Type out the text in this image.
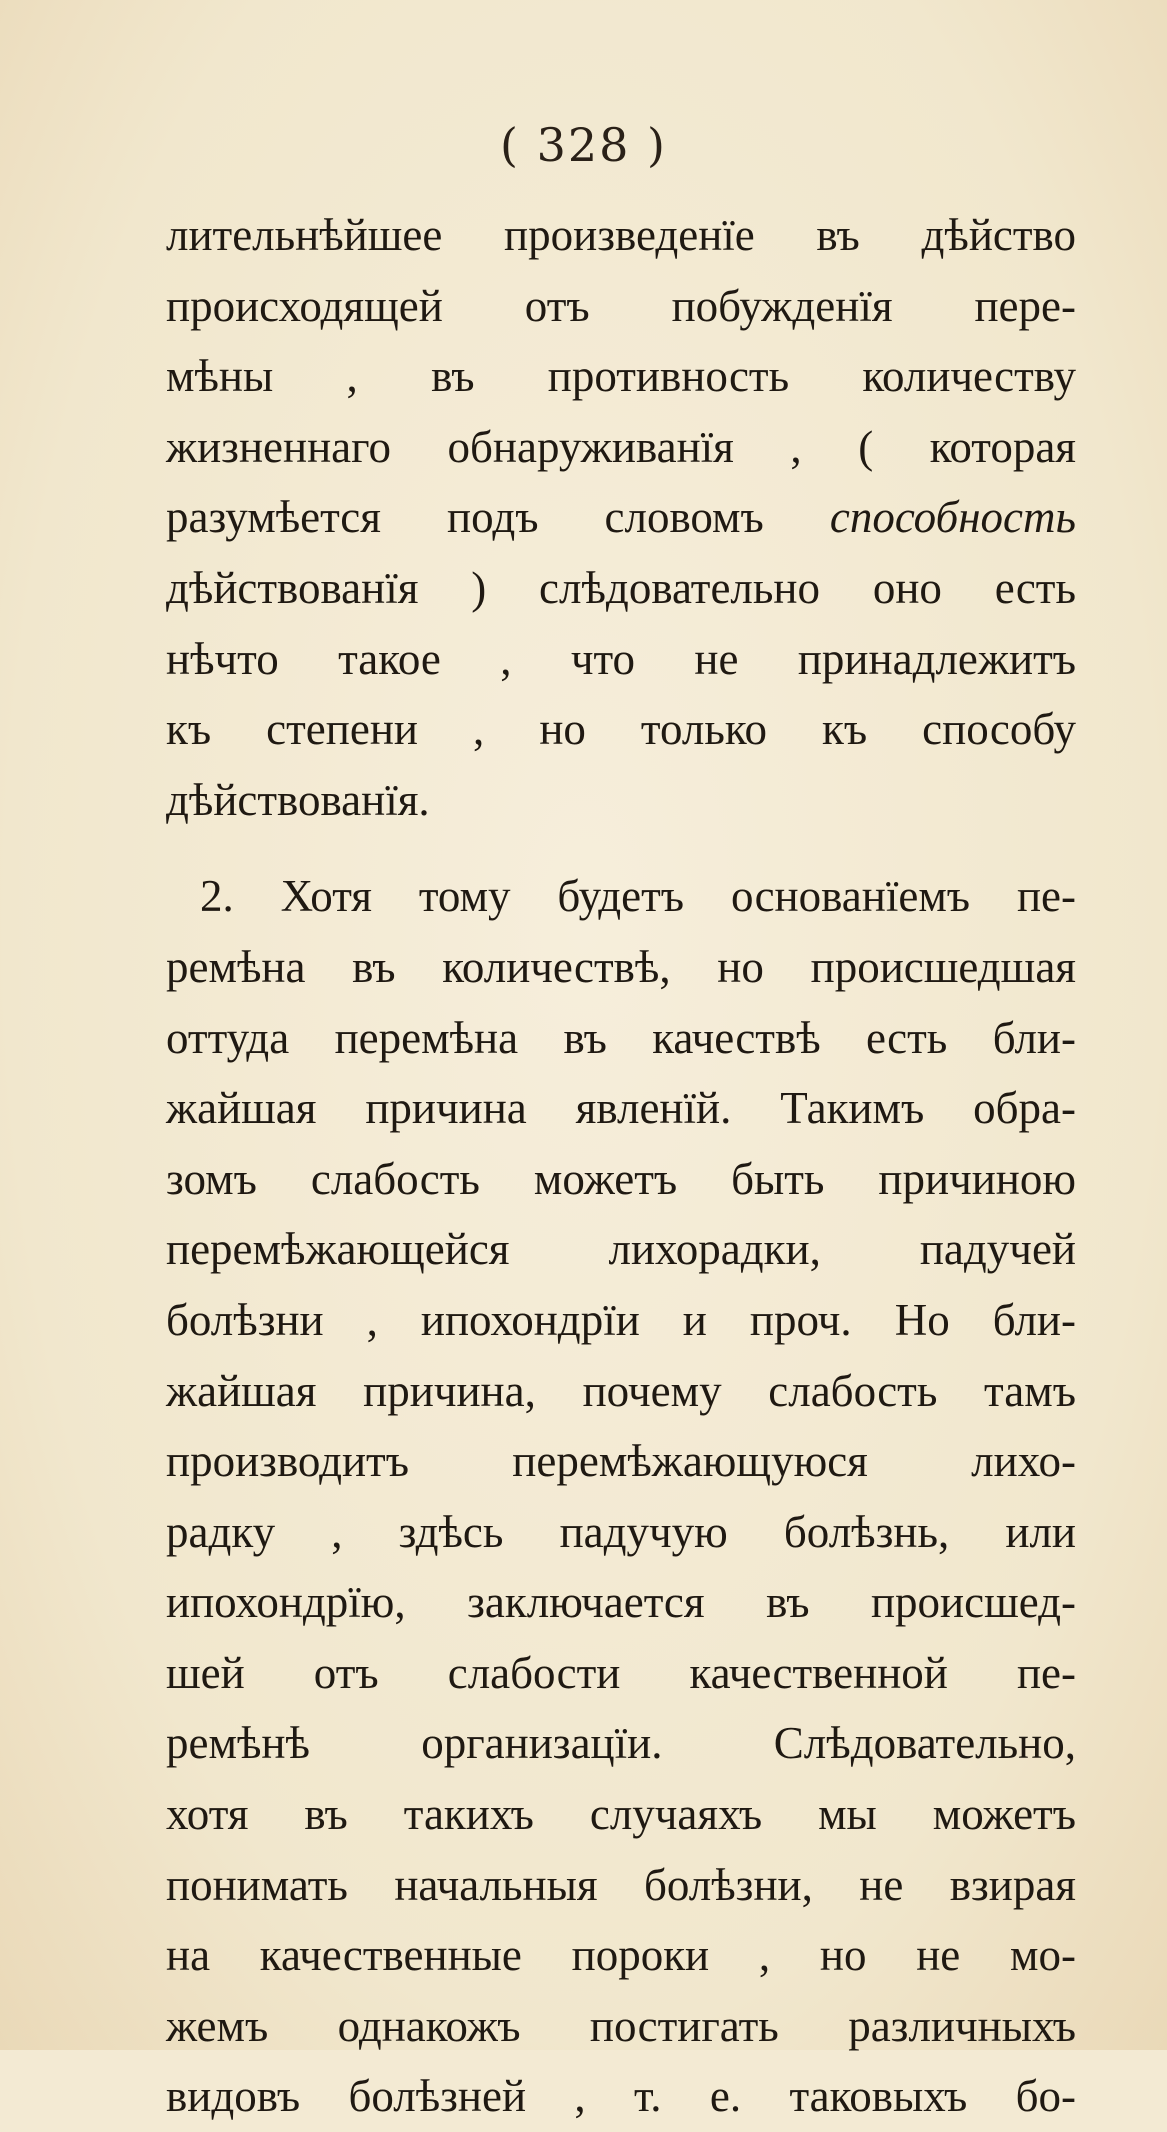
( 328 )
лительнѣйшее произведенїе въ дѣйство
происходящей отъ побужденїя пере-
мѣны , въ противность количеству
жизненнаго обнаруживанїя , ( которая
разумѣется подъ словомъ способность
дѣйствованїя ) слѣдовательно оно есть
нѣчто такое , что не принадлежитъ
къ степени , но только къ способу
дѣйствованїя.
2. Хотя тому будетъ основанїемъ пе-
ремѣна въ количествѣ, но происшедшая
оттуда перемѣна въ качествѣ есть бли-
жайшая причина явленїй. Такимъ обра-
зомъ слабость можетъ быть причиною
перемѣжающейся лихорадки, падучей
болѣзни , ипохондрїи и проч. Но бли-
жайшая причина, почему слабость тамъ
производитъ перемѣжающуюся лихо-
радку , здѣсь падучую болѣзнь, или
ипохондрїю, заключается въ происшед-
шей отъ слабости качественной пе-
ремѣнѣ организацїи. Слѣдовательно,
хотя въ такихъ случаяхъ мы можетъ
понимать начальныя болѣзни, не взирая
на качественные пороки , но не мо-
жемъ однакожъ постигать различныхъ
видовъ болѣзней , т. е. таковыхъ бо-
